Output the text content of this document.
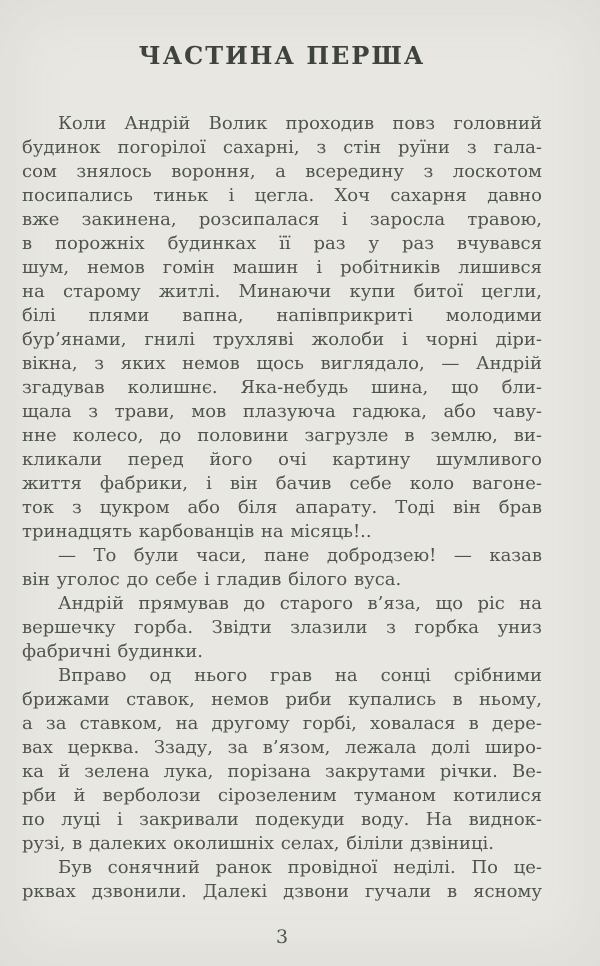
ЧАСТИНА ПЕРША
Коли Андрій Волик проходив повз головний
будинок погорілої сахарні, з стін руїни з гала-
сом знялось вороння, а всередину з лоскотом
посипались тиньк і цегла. Хоч сахарня давно
вже закинена, розсипалася і заросла травою,
в порожніх будинках її раз у раз вчувався
шум, немов гомін машин і робітників лишився
на старому житлі. Минаючи купи битої цегли,
білі плями вапна, напівприкриті молодими
бур’янами, гнилі трухляві жолоби і чорні діри-
вікна, з яких немов щось виглядало, — Андрій
згадував колишнє. Яка-небудь шина, що бли-
щала з трави, мов плазуюча гадюка, або чаву-
нне колесо, до половини загрузле в землю, ви-
кликали перед його очі картину шумливого
життя фабрики, і він бачив себе коло вагоне-
ток з цукром або біля апарату. Тоді він брав
тринадцять карбованців на місяць!..
— То були часи, пане добродзею! — казав
він уголос до себе і гладив білого вуса.
Андрій прямував до старого в’яза, що ріс на
вершечку горба. Звідти злазили з горбка униз
фабричні будинки.
Вправо од нього грав на сонці срібними
брижами ставок, немов риби купались в ньому,
а за ставком, на другому горбі, ховалася в дере-
вах церква. Ззаду, за в’язом, лежала долі широ-
ка й зелена лука, порізана закрутами річки. Ве-
рби й верболози сірозеленим туманом котилися
по луці і закривали подекуди воду. На виднок-
рузі, в далеких околишніх селах, біліли дзвіниці.
Був сонячний ранок провідної неділі. По це-
рквах дзвонили. Далекі дзвони гучали в ясному
3
